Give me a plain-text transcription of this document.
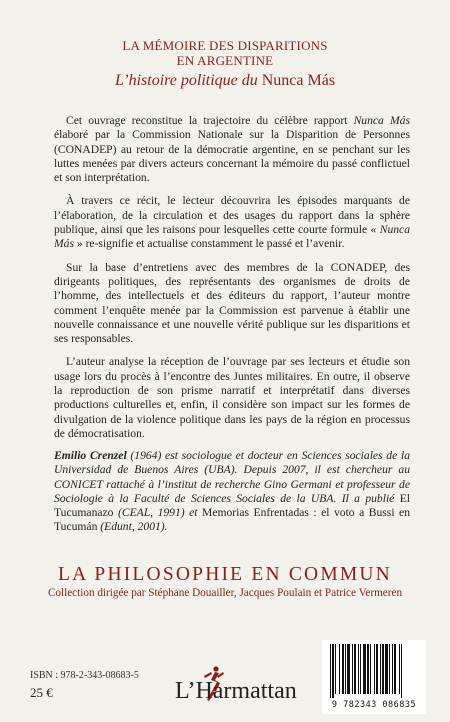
LA MÉMOIRE DES DISPARITIONS
EN ARGENTINE
L’histoire politique du Nunca Más

Cet ouvrage reconstitue la trajectoire du célèbre rapport Nunca Más élaboré par la Commission Nationale sur la Disparition de Personnes (CONADEP) au retour de la démocratie argentine, en se penchant sur les luttes menées par divers acteurs concernant la mémoire du passé conflictuel et son interprétation.

À travers ce récit, le lecteur découvrira les épisodes marquants de l’élaboration, de la circulation et des usages du rapport dans la sphère publique, ainsi que les raisons pour lesquelles cette courte formule « Nunca Más » re-signifie et actualise constamment le passé et l’avenir.

Sur la base d’entretiens avec des membres de la CONADEP, des dirigeants politiques, des représentants des organismes de droits de l’homme, des intellectuels et des éditeurs du rapport, l’auteur montre comment l’enquête menée par la Commission est parvenue à établir une nouvelle connaissance et une nouvelle vérité publique sur les disparitions et ses responsables.

L’auteur analyse la réception de l’ouvrage par ses lecteurs et étudie son usage lors du procès à l’encontre des Juntes militaires. En outre, il observe la reproduction de son prisme narratif et interprétatif dans diverses productions culturelles et, enfin, il considère son impact sur les formes de divulgation de la violence politique dans les pays de la région en processus de démocratisation.

Emilio Crenzel (1964) est sociologue et docteur en Sciences sociales de la Universidad de Buenos Aires (UBA). Depuis 2007, il est chercheur au CONICET rattaché à l’institut de recherche Gino Germani et professeur de Sociologie à la Faculté de Sciences Sociales de la UBA. Il a publié El Tucumanazo (CEAL, 1991) et Memorias Enfrentadas : el voto a Bussi en Tucumán (Edunt, 2001).
LA PHILOSOPHIE EN COMMUN
Collection dirigée par Stéphane Douailler, Jacques Poulain et Patrice Vermeren
ISBN : 978-2-343-08683-5
25 €	L’Harmattan
9 782343 086835
